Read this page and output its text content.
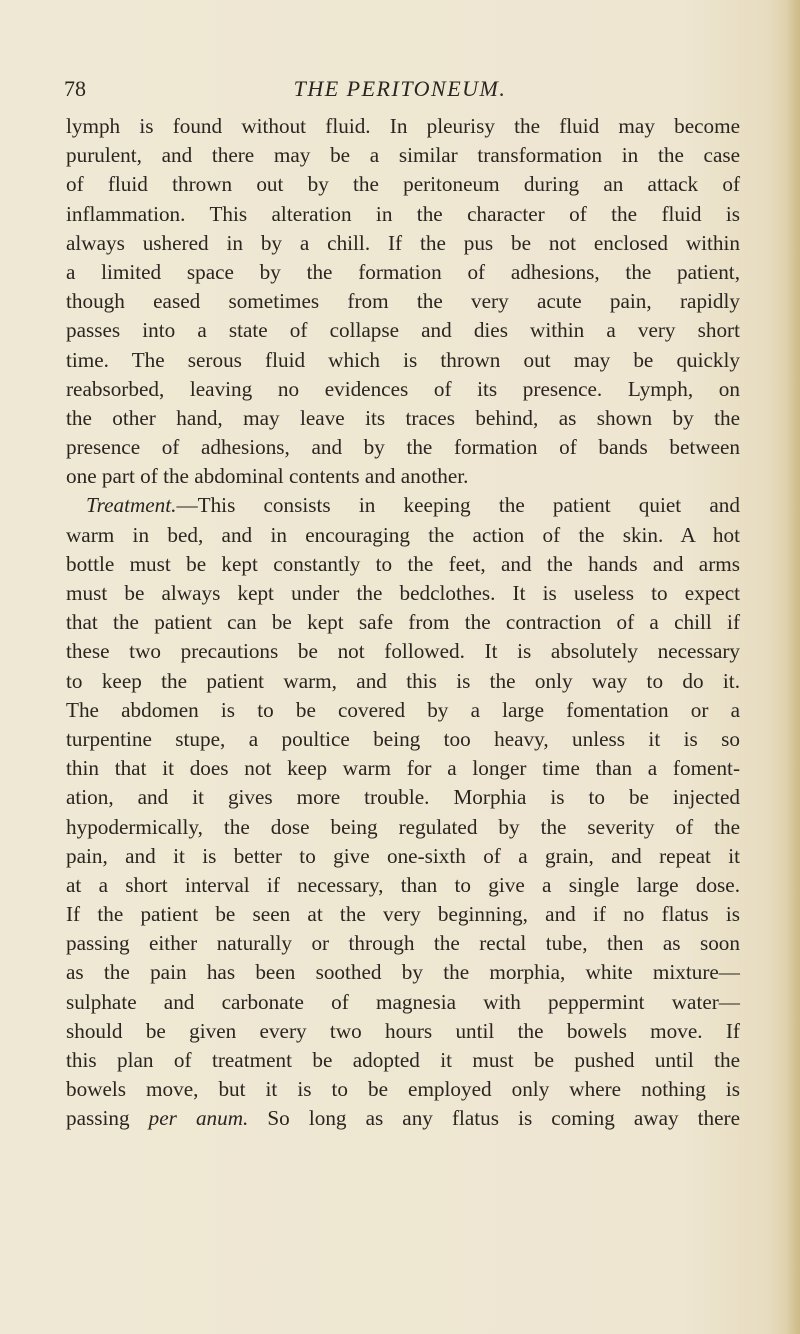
78	THE PERITONEUM.
lymph is found without fluid. In pleurisy the fluid may become
purulent, and there may be a similar transformation in the case
of fluid thrown out by the peritoneum during an attack of
inflammation. This alteration in the character of the fluid is
always ushered in by a chill. If the pus be not enclosed within
a limited space by the formation of adhesions, the patient,
though eased sometimes from the very acute pain, rapidly
passes into a state of collapse and dies within a very short
time. The serous fluid which is thrown out may be quickly
reabsorbed, leaving no evidences of its presence. Lymph, on
the other hand, may leave its traces behind, as shown by the
presence of adhesions, and by the formation of bands between
one part of the abdominal contents and another.
Treatment.—This consists in keeping the patient quiet and
warm in bed, and in encouraging the action of the skin. A hot
bottle must be kept constantly to the feet, and the hands and arms
must be always kept under the bedclothes. It is useless to expect
that the patient can be kept safe from the contraction of a chill if
these two precautions be not followed. It is absolutely necessary
to keep the patient warm, and this is the only way to do it.
The abdomen is to be covered by a large fomentation or a
turpentine stupe, a poultice being too heavy, unless it is so
thin that it does not keep warm for a longer time than a foment-
ation, and it gives more trouble. Morphia is to be injected
hypodermically, the dose being regulated by the severity of the
pain, and it is better to give one-sixth of a grain, and repeat it
at a short interval if necessary, than to give a single large dose.
If the patient be seen at the very beginning, and if no flatus is
passing either naturally or through the rectal tube, then as soon
as the pain has been soothed by the morphia, white mixture—
sulphate and carbonate of magnesia with peppermint water—
should be given every two hours until the bowels move. If
this plan of treatment be adopted it must be pushed until the
bowels move, but it is to be employed only where nothing is
passing per anum. So long as any flatus is coming away there
